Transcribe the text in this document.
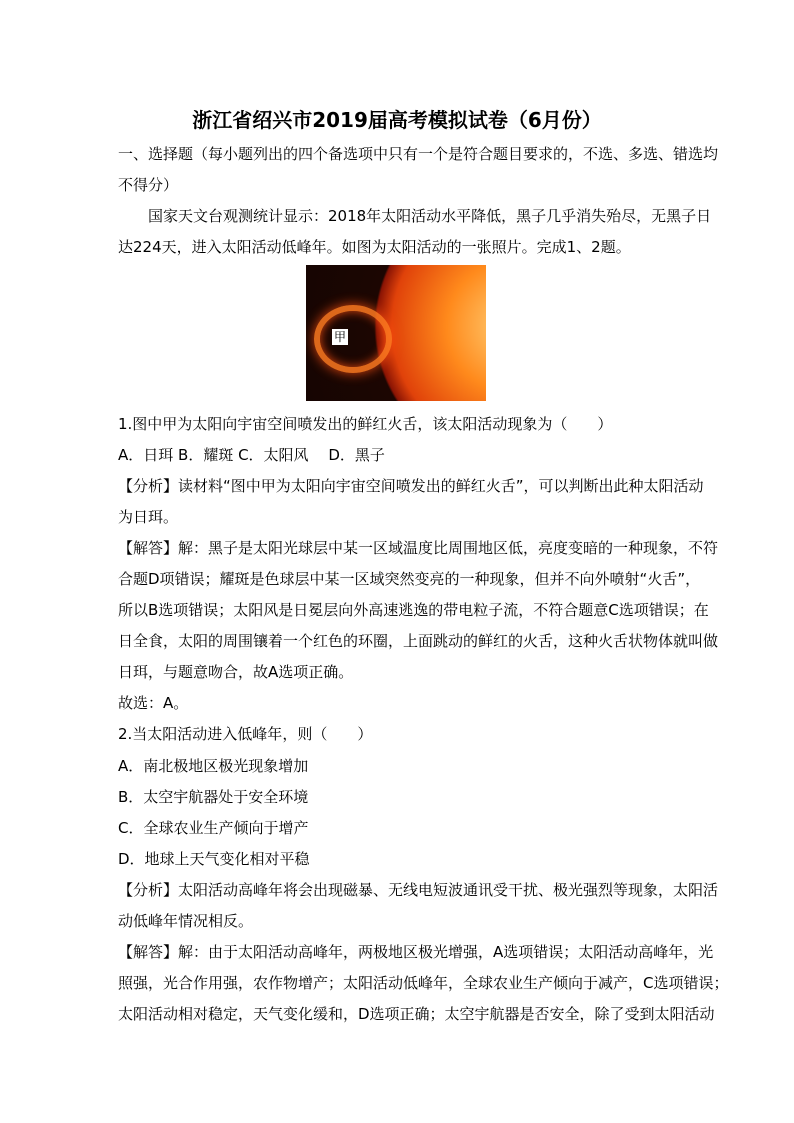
浙江省绍兴市2019届高考模拟试卷（6月份）
一、选择题（每小题列出的四个备选项中只有一个是符合题目要求的，不选、多选、错选均
不得分）
国家天文台观测统计显示：2018年太阳活动水平降低，黑子几乎消失殆尽，无黑子日
达224天，进入太阳活动低峰年。如图为太阳活动的一张照片。完成1、2题。
甲
1.图中甲为太阳向宇宙空间喷发出的鲜红火舌，该太阳活动现象为（　　）
A．日珥 B．耀斑 C．太阳风　 D．黑子
【分析】读材料“图中甲为太阳向宇宙空间喷发出的鲜红火舌”，可以判断出此种太阳活动
为日珥。
【解答】解：黑子是太阳光球层中某一区域温度比周围地区低，亮度变暗的一种现象，不符
合题D项错误；耀斑是色球层中某一区域突然变亮的一种现象，但并不向外喷射“火舌”，
所以B选项错误；太阳风是日冕层向外高速逃逸的带电粒子流，不符合题意C选项错误；在
日全食，太阳的周围镶着一个红色的环圈，上面跳动的鲜红的火舌，这种火舌状物体就叫做
日珥，与题意吻合，故A选项正确。
故选：A。
2.当太阳活动进入低峰年，则（　　）
A．南北极地区极光现象增加
B．太空宇航器处于安全环境
C．全球农业生产倾向于增产
D．地球上天气变化相对平稳
【分析】太阳活动高峰年将会出现磁暴、无线电短波通讯受干扰、极光强烈等现象，太阳活
动低峰年情况相反。
【解答】解：由于太阳活动高峰年，两极地区极光增强，A选项错误；太阳活动高峰年，光
照强，光合作用强，农作物增产；太阳活动低峰年，全球农业生产倾向于减产，C选项错误；
太阳活动相对稳定，天气变化缓和，D选项正确；太空宇航器是否安全，除了受到太阳活动
